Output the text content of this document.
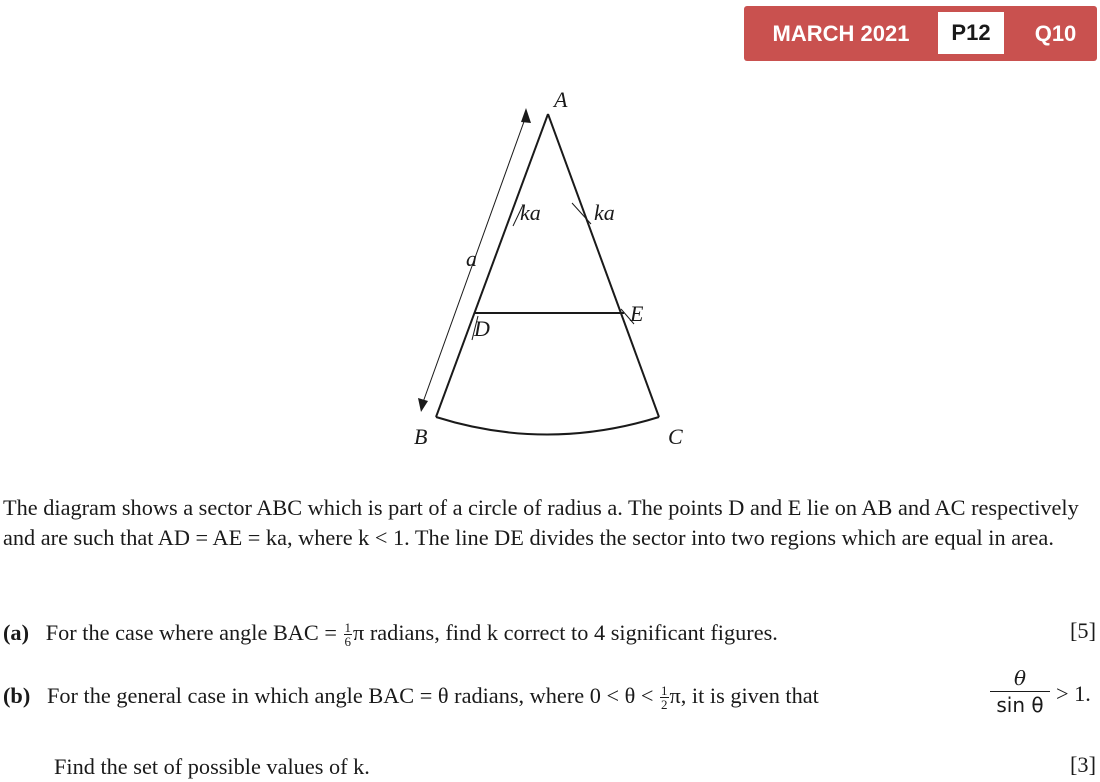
MARCH 2021	P12	Q10
A
B	C
D
E
a
ka ka
The diagram shows a sector ABC which is part of a circle of radius a. The points D and E lie on AB and AC respectively and are such that AD = AE = ka, where k < 1. The line DE divides the sector into two regions which are equal in area.
(a) For the case where angle BAC = $\frac{1}{6}$ π radians, find k correct to 4 significant figures.	[5]
(b) For the general case in which angle BAC = θ radians, where $0 < \theta < \frac{1}{2} \pi$, it is given that	$\frac{\theta}{\text{sin θ}} > 1$.
Find the set of possible values of k.	[3]
